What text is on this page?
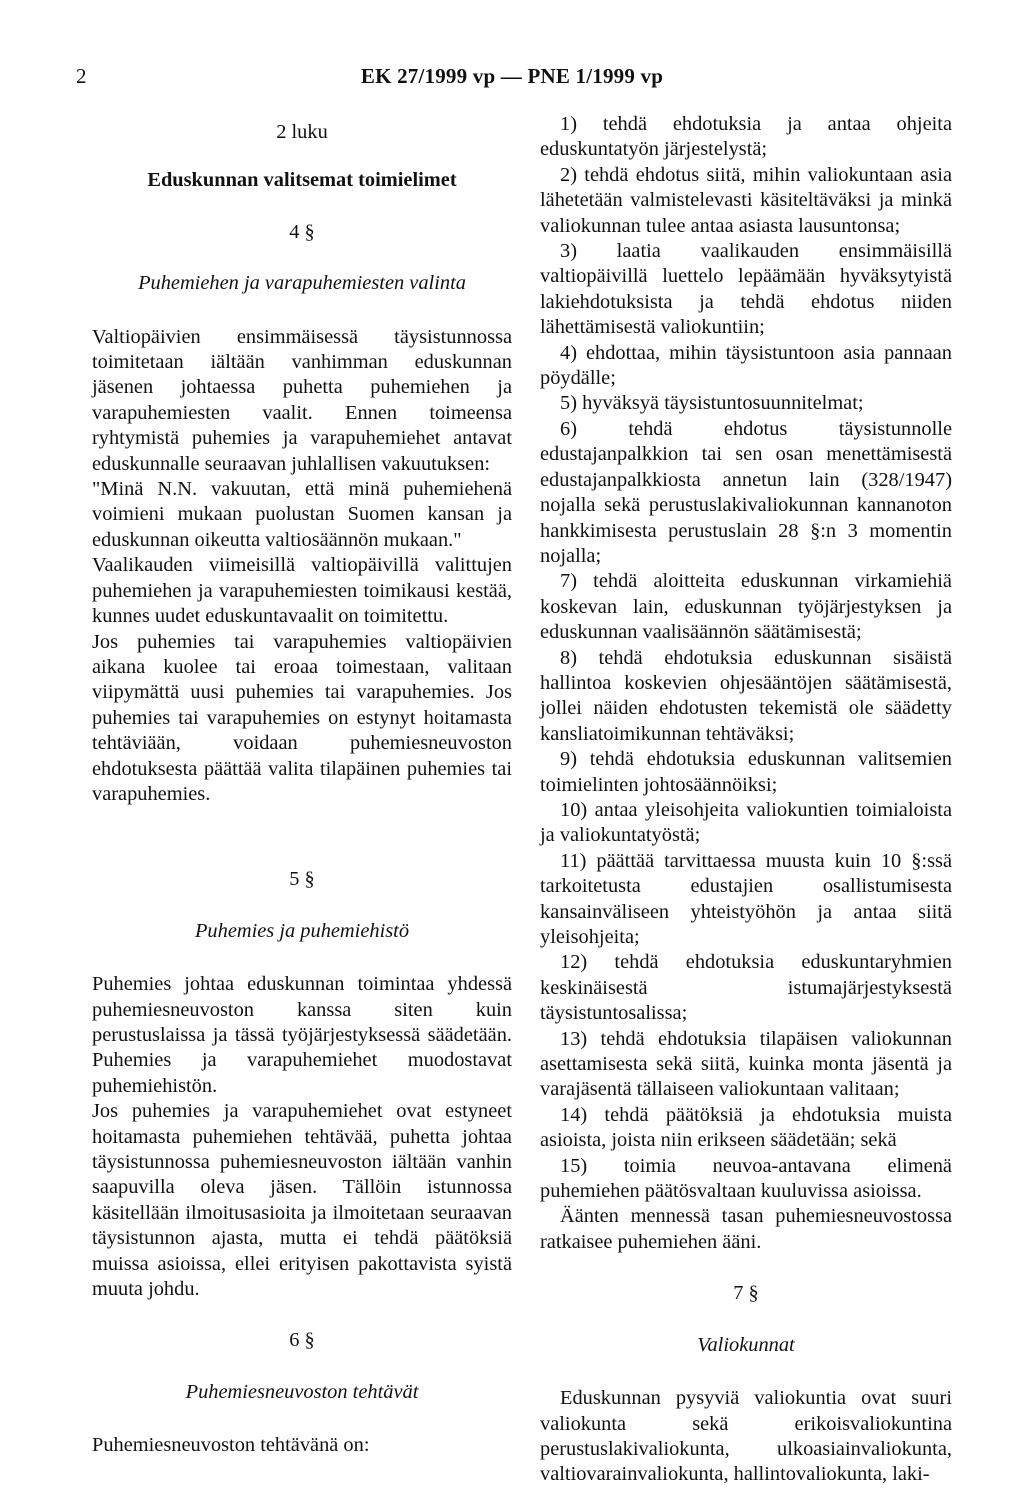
2	EK 27/1999 vp — PNE 1/1999 vp
2 luku
Eduskunnan valitsemat toimielimet
4 §
Puhemiehen ja varapuhemiesten valinta

Valtiopäivien ensimmäisessä täysistunnossa toimitetaan iältään vanhimman eduskunnan jäsenen johtaessa puhetta puhemiehen ja varapuhemiesten vaalit. Ennen toimeensa ryhtymistä puhemies ja varapuhemiehet antavat eduskunnalle seuraavan juhlallisen vakuutuksen:

"Minä N.N. vakuutan, että minä puhemiehenä voimieni mukaan puolustan Suomen kansan ja eduskunnan oikeutta valtiosäännön mukaan."

Vaalikauden viimeisillä valtiopäivillä valittujen puhemiehen ja varapuhemiesten toimikausi kestää, kunnes uudet eduskuntavaalit on toimitettu.

Jos puhemies tai varapuhemies valtiopäivien aikana kuolee tai eroaa toimestaan, valitaan viipymättä uusi puhemies tai varapuhemies. Jos puhemies tai varapuhemies on estynyt hoitamasta tehtäviään, voidaan puhemiesneuvoston ehdotuksesta päättää valita tilapäinen puhemies tai varapuhemies.

5 §
Puhemies ja puhemiehistö

Puhemies johtaa eduskunnan toimintaa yhdessä puhemiesneuvoston kanssa siten kuin perustuslaissa ja tässä työjärjestyksessä säädetään. Puhemies ja varapuhemiehet muodostavat puhemiehistön.

Jos puhemies ja varapuhemiehet ovat estyneet hoitamasta puhemiehen tehtävää, puhetta johtaa täysistunnossa puhemiesneuvoston iältään vanhin saapuvilla oleva jäsen. Tällöin istunnossa käsitellään ilmoitusasioita ja ilmoitetaan seuraavan täysistunnon ajasta, mutta ei tehdä päätöksiä muissa asioissa, ellei erityisen pakottavista syistä muuta johdu.

6 §
Puhemiesneuvoston tehtävät

Puhemiesneuvoston tehtävänä on:

1) tehdä ehdotuksia ja antaa ohjeita eduskuntatyön järjestelystä;

2) tehdä ehdotus siitä, mihin valiokuntaan asia lähetetään valmistelevasti käsiteltäväksi ja minkä valiokunnan tulee antaa asiasta lausuntonsa;

3) laatia vaalikauden ensimmäisillä valtiopäivillä luettelo lepäämään hyväksytyistä lakiehdotuksista ja tehdä ehdotus niiden lähettämisestä valiokuntiin;

4) ehdottaa, mihin täysistuntoon asia pannaan pöydälle;

5) hyväksyä täysistuntosuunnitelmat;

6) tehdä ehdotus täysistunnolle edustajanpalkkion tai sen osan menettämisestä edustajanpalkkiosta annetun lain (328/1947) nojalla sekä perustuslakivaliokunnan kannanoton hankkimisesta perustuslain 28 §:n 3 momentin nojalla;

7) tehdä aloitteita eduskunnan virkamiehiä koskevan lain, eduskunnan työjärjestyksen ja eduskunnan vaalisäännön säätämisestä;

8) tehdä ehdotuksia eduskunnan sisäistä hallintoa koskevien ohjesääntöjen säätämisestä, jollei näiden ehdotusten tekemistä ole säädetty kansliatoimikunnan tehtäväksi;

9) tehdä ehdotuksia eduskunnan valitsemien toimielinten johtosäännöiksi;

10) antaa yleisohjeita valiokuntien toimialoista ja valiokuntatyöstä;

11) päättää tarvittaessa muusta kuin 10 §:ssä tarkoitetusta edustajien osallistumisesta kansainväliseen yhteistyöhön ja antaa siitä yleisohjeita;

12) tehdä ehdotuksia eduskuntaryhmien keskinäisestä istumajärjestyksestä täysistuntosalissa;

13) tehdä ehdotuksia tilapäisen valiokunnan asettamisesta sekä siitä, kuinka monta jäsentä ja varajäsentä tällaiseen valiokuntaan valitaan;

14) tehdä päätöksiä ja ehdotuksia muista asioista, joista niin erikseen säädetään; sekä

15) toimia neuvoa-antavana elimenä puhemiehen päätösvaltaan kuuluvissa asioissa.

Äänten mennessä tasan puhemiesneuvostossa ratkaisee puhemiehen ääni.

7 §
Valiokunnat

Eduskunnan pysyviä valiokuntia ovat suuri valiokunta sekä erikoisvaliokuntina perustuslakivaliokunta, ulkoasiainvaliokunta, valtiovarainvaliokunta, hallintovaliokunta, laki-
